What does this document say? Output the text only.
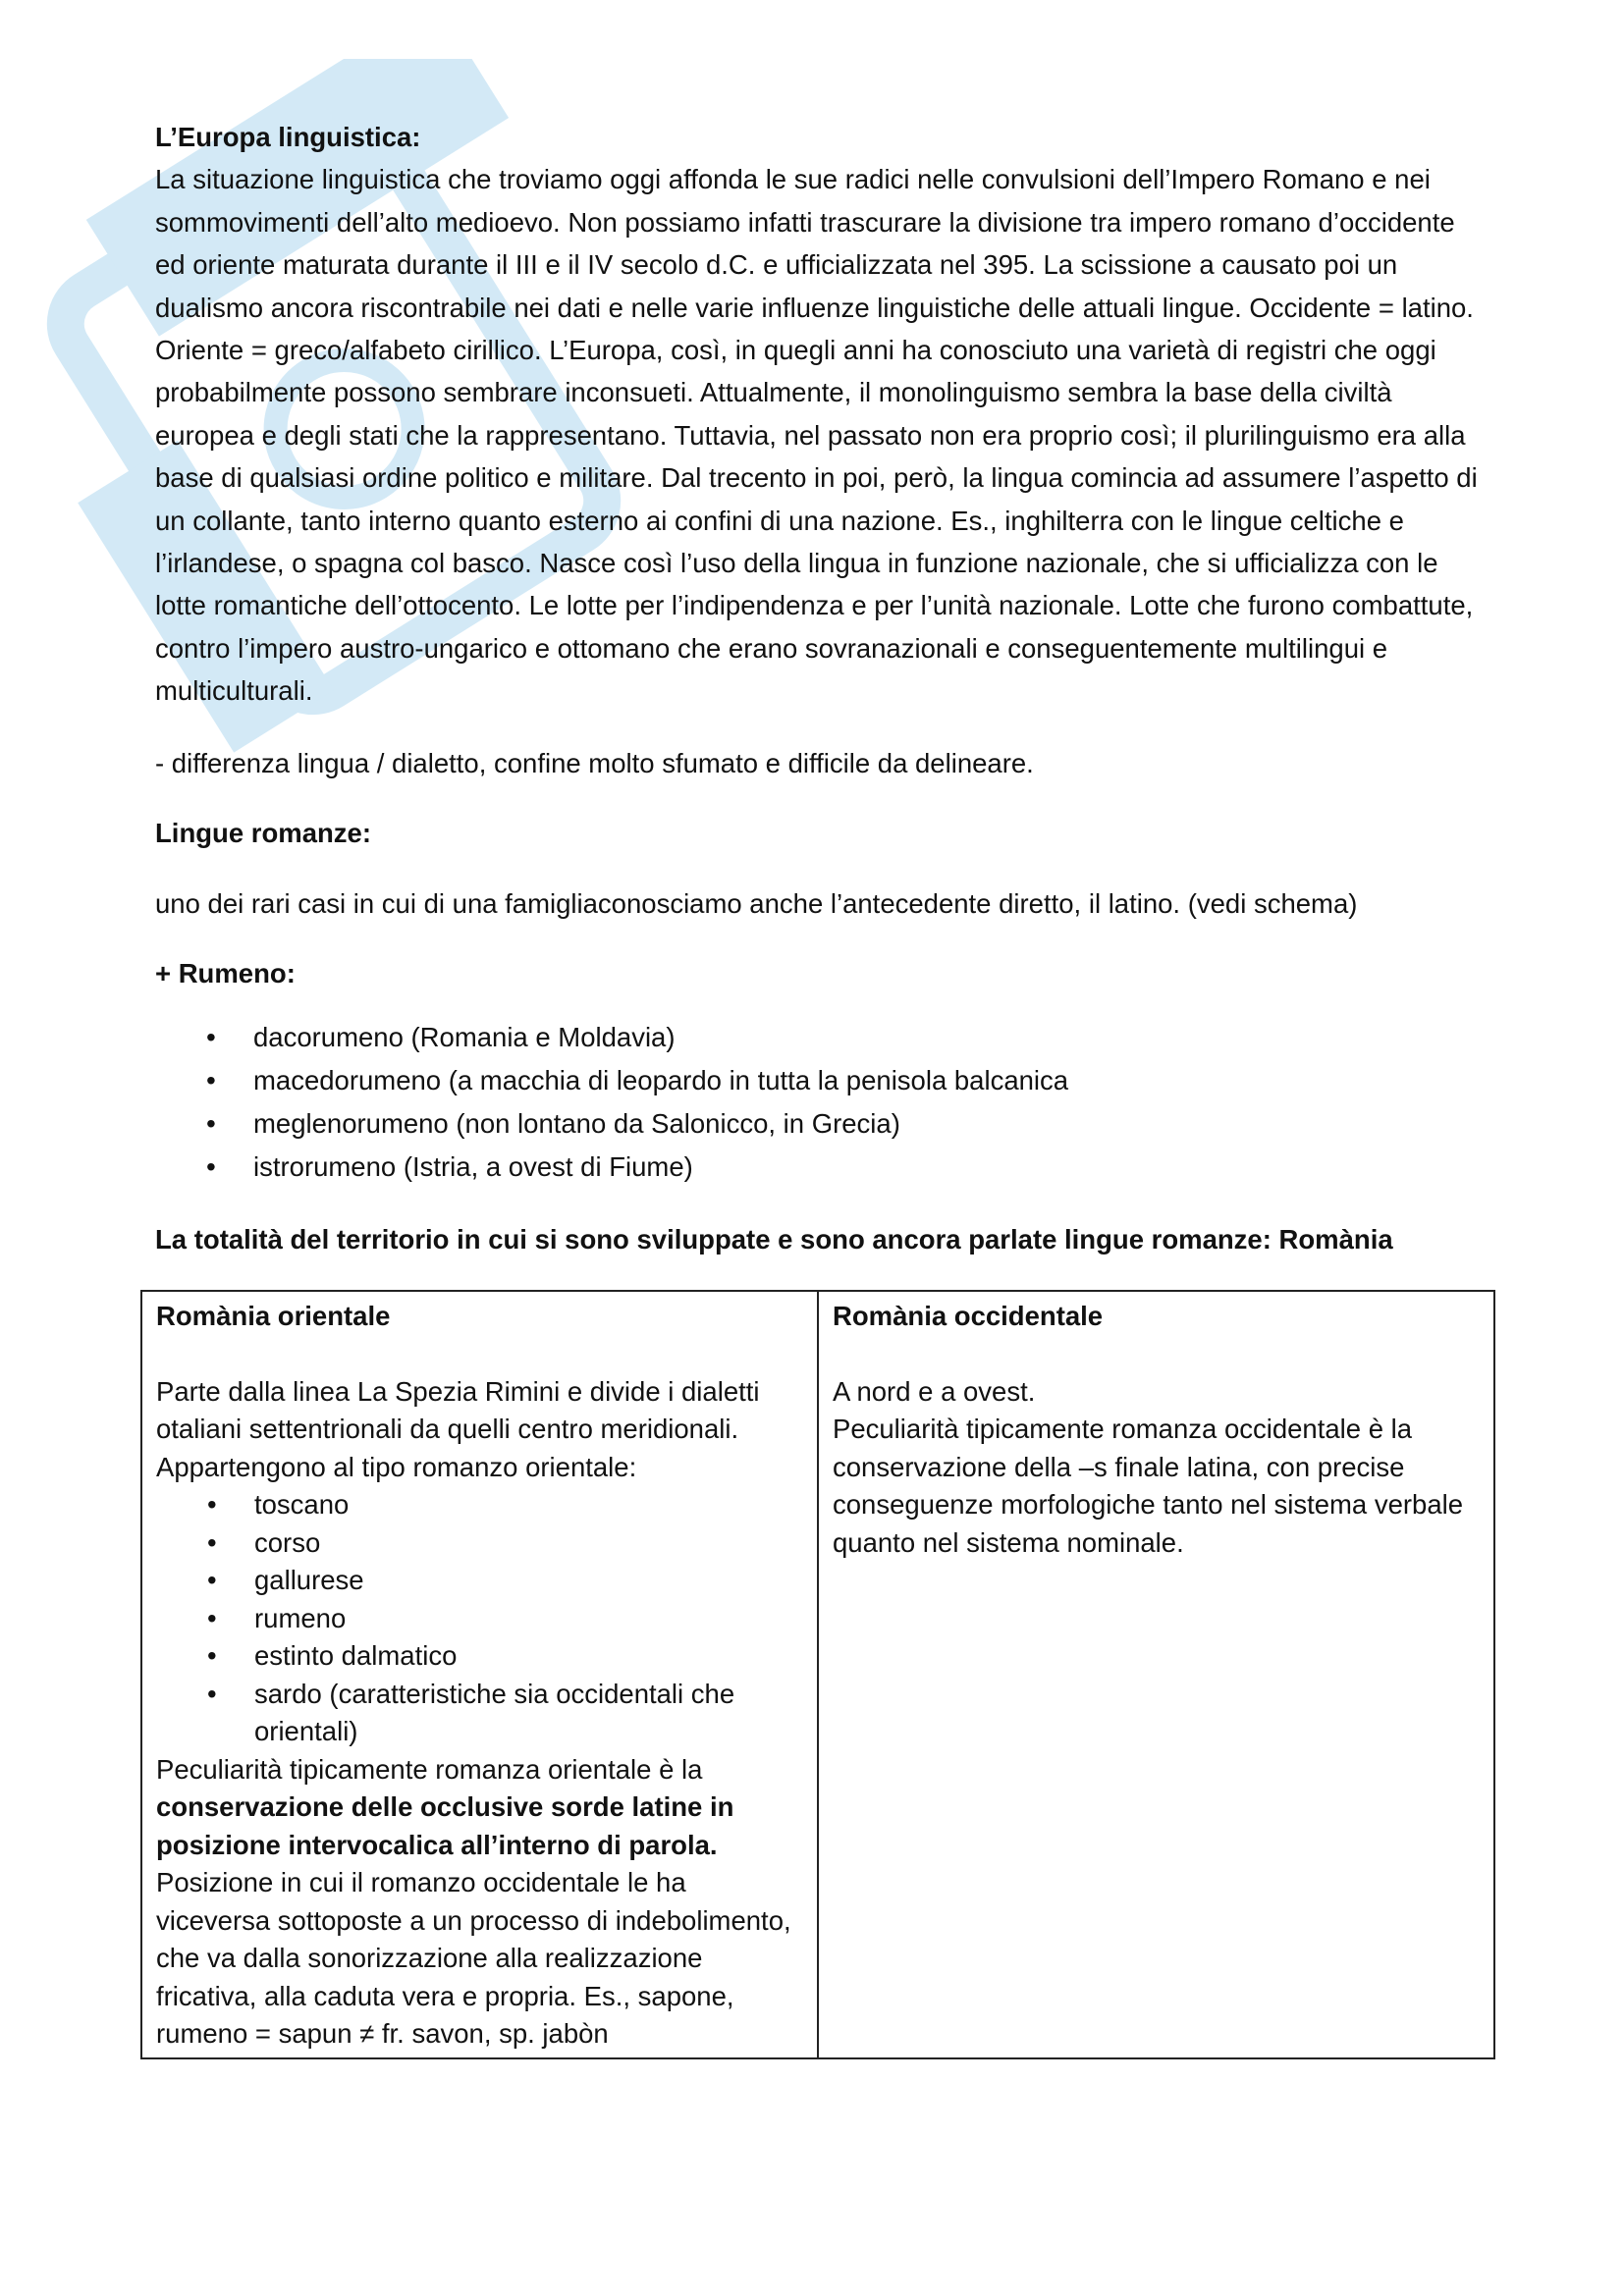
L’Europa linguistica:

La situazione linguistica che troviamo oggi affonda le sue radici nelle convulsioni dell’Impero Romano e nei sommovimenti dell’alto medioevo. Non possiamo infatti trascurare la divisione tra impero romano d’occidente ed oriente maturata durante il III e il IV secolo d.C. e ufficializzata nel 395. La scissione a causato poi un dualismo ancora riscontrabile nei dati e nelle varie influenze linguistiche delle attuali lingue. Occidente = latino. Oriente = greco/alfabeto cirillico. L’Europa, così, in quegli anni ha conosciuto una varietà di registri che oggi probabilmente possono sembrare inconsueti. Attualmente, il monolinguismo sembra la base della civiltà europea e degli stati che la rappresentano. Tuttavia, nel passato non era proprio così; il plurilinguismo era alla base di qualsiasi ordine politico e militare. Dal trecento in poi, però, la lingua comincia ad assumere l’aspetto di un collante, tanto interno quanto esterno ai confini di una nazione. Es., inghilterra con le lingue celtiche e l’irlandese, o spagna col basco. Nasce così l’uso della lingua in funzione nazionale, che si ufficializza con le lotte romantiche dell’ottocento. Le lotte per l’indipendenza e per l’unità nazionale. Lotte che furono combattute, contro l’impero austro-ungarico e ottomano che erano sovranazionali e conseguentemente multilingui e multiculturali.

- differenza lingua / dialetto, confine molto sfumato e difficile da delineare.

Lingue romanze:

uno dei rari casi in cui di una famigliaconosciamo anche l’antecedente diretto, il latino. (vedi schema)

+ Rumeno:

• dacorumeno (Romania e Moldavia)
• macedorumeno (a macchia di leopardo in tutta la penisola balcanica
• meglenorumeno (non lontano da Salonicco, in Grecia)
• istrorumeno (Istria, a ovest di Fiume)

La totalità del territorio in cui si sono sviluppate e sono ancora parlate lingue romanze: Romània

Romània orientale
Parte dalla linea La Spezia Rimini e divide i dialetti otaliani settentrionali da quelli centro meridionali. Appartengono al tipo romanzo orientale:
• toscano
• corso
• gallurese
• rumeno
• estinto dalmatico
• sardo (caratteristiche sia occidentali che orientali)
Peculiarità tipicamente romanza orientale è la
conservazione delle occlusive sorde latine in posizione intervocalica all’interno di parola.
Posizione in cui il romanzo occidentale le ha viceversa sottoposte a un processo di indebolimento, che va dalla sonorizzazione alla realizzazione fricativa, alla caduta vera e propria. Es., sapone, rumeno = sapun ≠ fr. savon, sp. jabòn

Romània occidentale
A nord e a ovest.
Peculiarità tipicamente romanza occidentale è la conservazione della –s finale latina, con precise conseguenze morfologiche tanto nel sistema verbale quanto nel sistema nominale.
